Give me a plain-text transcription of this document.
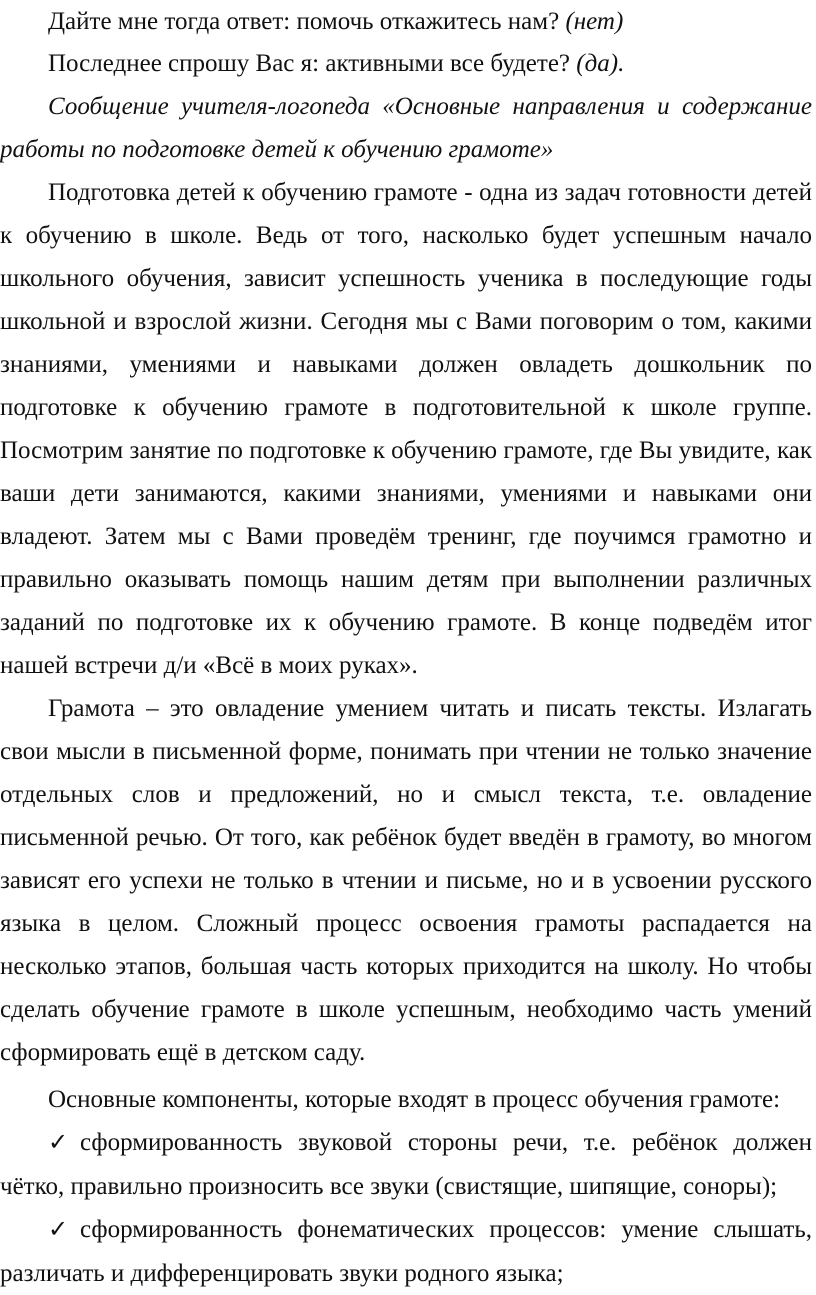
Дайте мне тогда ответ: помочь откажитесь нам? (нет)

Последнее спрошу Вас я: активными все будете? (да).

Сообщение учителя-логопеда «Основные направления и содержание работы по подготовке детей к обучению грамоте»

Подготовка детей к обучению грамоте - одна из задач готовности детей к обучению в школе. Ведь от того, насколько будет успешным начало школьного обучения, зависит успешность ученика в последующие годы школьной и взрослой жизни. Сегодня мы с Вами поговорим о том, какими знаниями, умениями и навыками должен овладеть дошкольник по подготовке к обучению грамоте в подготовительной к школе группе. Посмотрим занятие по подготовке к обучению грамоте, где Вы увидите, как ваши дети занимаются, какими знаниями, умениями и навыками они владеют. Затем мы с Вами проведём тренинг, где поучимся грамотно и правильно оказывать помощь нашим детям при выполнении различных заданий по подготовке их к обучению грамоте. В конце подведём итог нашей встречи д/и «Всё в моих руках».

Грамота – это овладение умением читать и писать тексты. Излагать свои мысли в письменной форме, понимать при чтении не только значение отдельных слов и предложений, но и смысл текста, т.е. овладение письменной речью. От того, как ребёнок будет введён в грамоту, во многом зависят его успехи не только в чтении и письме, но и в усвоении русского языка в целом. Сложный процесс освоения грамоты распадается на несколько этапов, большая часть которых приходится на школу. Но чтобы сделать обучение грамоте в школе успешным, необходимо часть умений сформировать ещё в детском саду.

Основные компоненты, которые входят в процесс обучения грамоте:

✓ сформированность звуковой стороны речи, т.е. ребёнок должен чётко, правильно произносить все звуки (свистящие, шипящие, соноры);

✓ сформированность фонематических процессов: умение слышать, различать и дифференцировать звуки родного языка;
